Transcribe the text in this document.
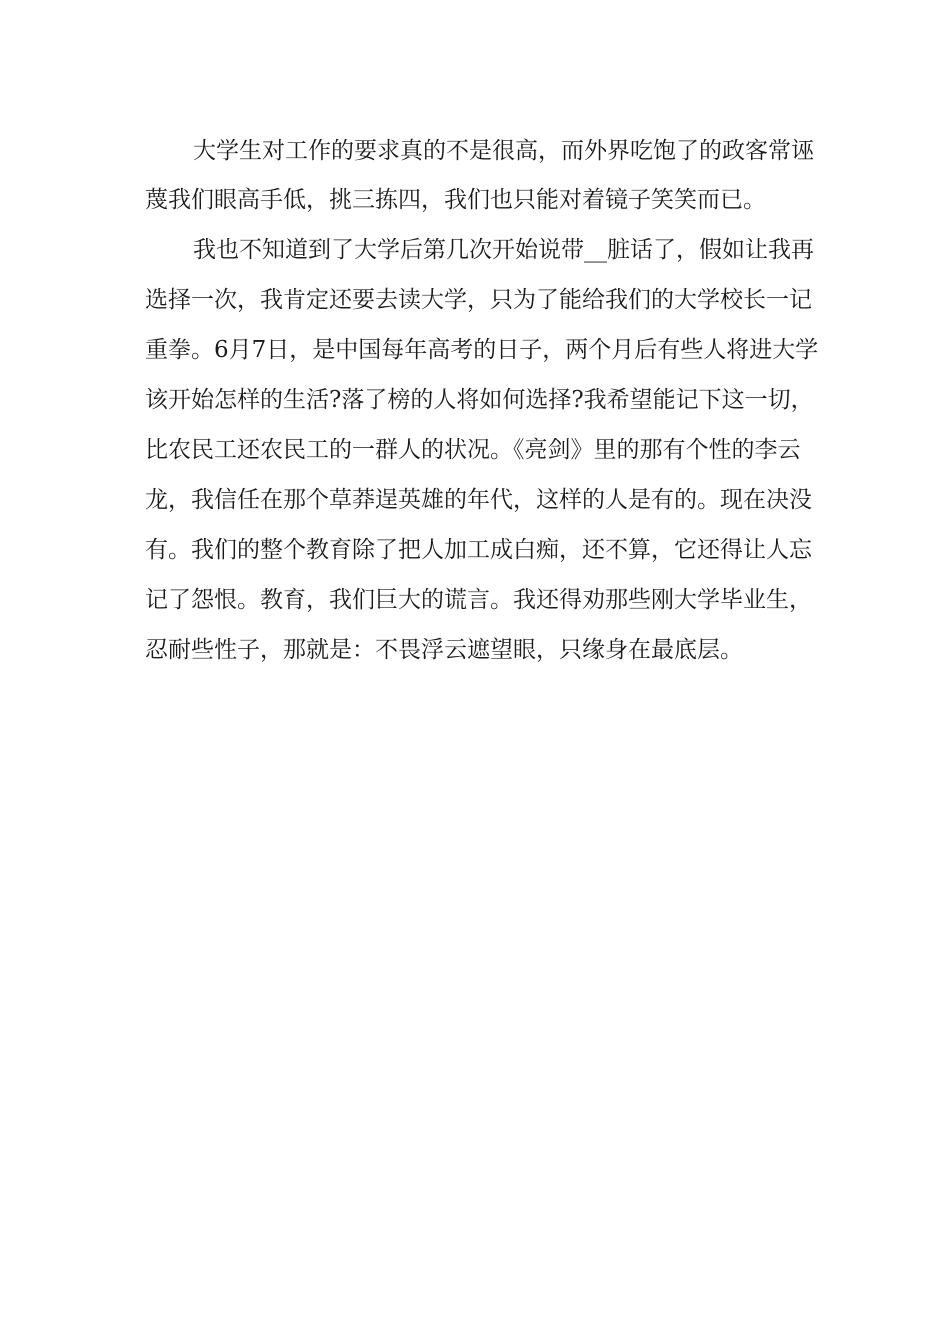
大学生对工作的要求真的不是很高，而外界吃饱了的政客常诬
蔑我们眼高手低，挑三拣四，我们也只能对着镜子笑笑而已。
我也不知道到了大学后第几次开始说带__脏话了，假如让我再
选择一次，我肯定还要去读大学，只为了能给我们的大学校长一记
重拳。6月7日，是中国每年高考的日子，两个月后有些人将进大学
该开始怎样的生活?落了榜的人将如何选择?我希望能记下这一切，
比农民工还农民工的一群人的状况。《亮剑》里的那有个性的李云
龙，我信任在那个草莽逞英雄的年代，这样的人是有的。现在决没
有。我们的整个教育除了把人加工成白痴，还不算，它还得让人忘
记了怨恨。教育，我们巨大的谎言。我还得劝那些刚大学毕业生，
忍耐些性子，那就是：不畏浮云遮望眼，只缘身在最底层。
